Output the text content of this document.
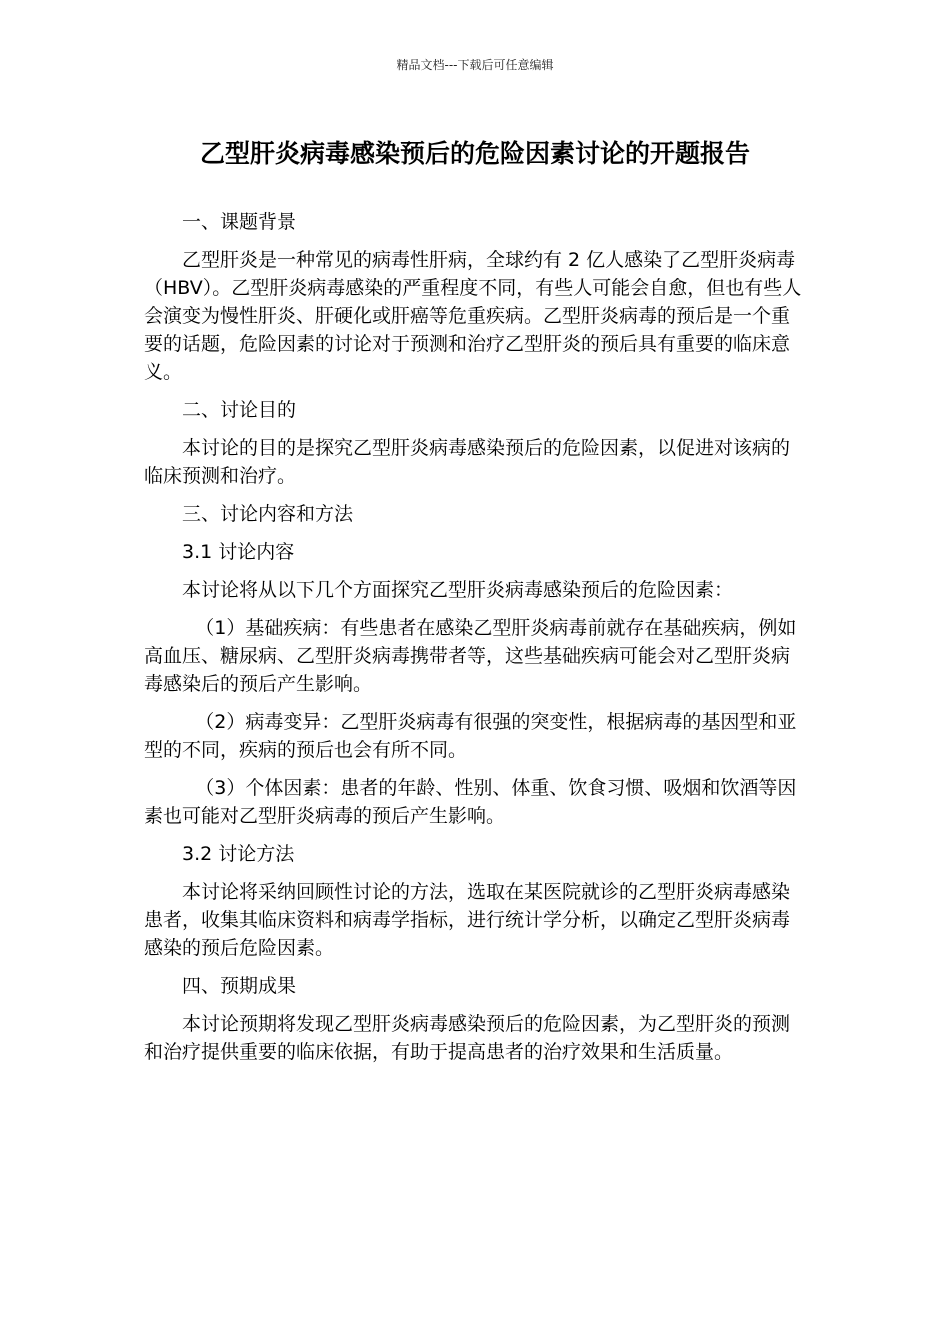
精品文档---下载后可任意编辑
乙型肝炎病毒感染预后的危险因素讨论的开题报告

一、课题背景

乙型肝炎是一种常见的病毒性肝病，全球约有 2 亿人感染了乙型肝炎病毒（HBV）。乙型肝炎病毒感染的严重程度不同，有些人可能会自愈，但也有些人会演变为慢性肝炎、肝硬化或肝癌等危重疾病。乙型肝炎病毒的预后是一个重要的话题，危险因素的讨论对于预测和治疗乙型肝炎的预后具有重要的临床意义。

二、讨论目的

本讨论的目的是探究乙型肝炎病毒感染预后的危险因素，以促进对该病的临床预测和治疗。

三、讨论内容和方法

3.1 讨论内容

本讨论将从以下几个方面探究乙型肝炎病毒感染预后的危险因素：

（1）基础疾病：有些患者在感染乙型肝炎病毒前就存在基础疾病，例如高血压、糖尿病、乙型肝炎病毒携带者等，这些基础疾病可能会对乙型肝炎病毒感染后的预后产生影响。

（2）病毒变异：乙型肝炎病毒有很强的突变性，根据病毒的基因型和亚型的不同，疾病的预后也会有所不同。

（3）个体因素：患者的年龄、性别、体重、饮食习惯、吸烟和饮酒等因素也可能对乙型肝炎病毒的预后产生影响。

3.2 讨论方法

本讨论将采纳回顾性讨论的方法，选取在某医院就诊的乙型肝炎病毒感染患者，收集其临床资料和病毒学指标，进行统计学分析，以确定乙型肝炎病毒感染的预后危险因素。

四、预期成果

本讨论预期将发现乙型肝炎病毒感染预后的危险因素，为乙型肝炎的预测和治疗提供重要的临床依据，有助于提高患者的治疗效果和生活质量。
